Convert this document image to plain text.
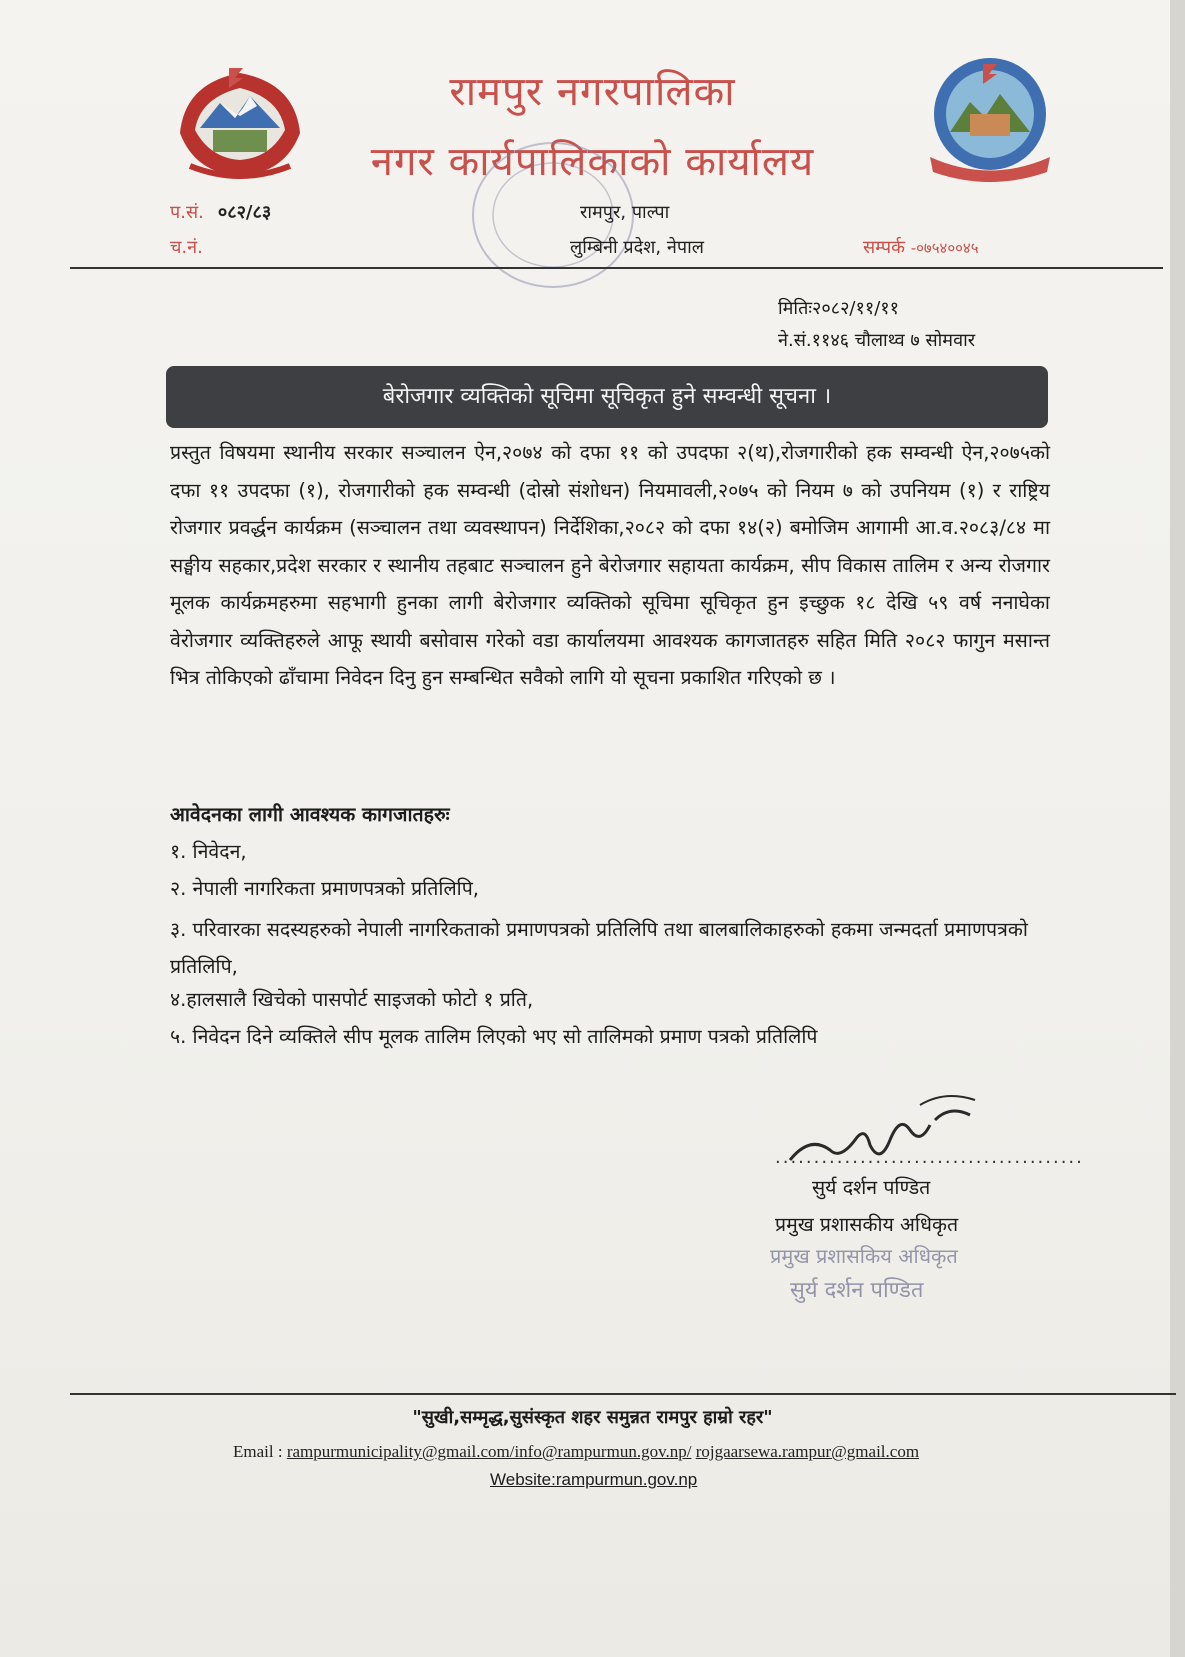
रामपुर नगरपालिका
नगर कार्यपालिकाको कार्यालय
रामपुर, पाल्पा
लुम्बिनी प्रदेश, नेपाल
प.सं. ०८२/८३
च.नं.	सम्पर्क -०७५४००४५
मितिः२०८२/११/११
ने.सं.११४६ चौलाथ्व ७ सोमवार
बेरोजगार व्यक्तिको सूचिमा सूचिकृत हुने सम्वन्धी सूचना ।
प्रस्तुत विषयमा स्थानीय सरकार सञ्चालन ऐन,२०७४ को दफा ११ को उपदफा २(थ),रोजगारीको हक सम्वन्धी ऐन,२०७५को दफा ११ उपदफा (१), रोजगारीको हक सम्वन्धी (दोस्रो संशोधन) नियमावली,२०७५ को नियम ७ को उपनियम (१) र राष्ट्रिय रोजगार प्रवर्द्धन कार्यक्रम (सञ्चालन तथा व्यवस्थापन) निर्देशिका,२०८२ को दफा १४(२) बमोजिम आगामी आ.व.२०८३/८४ मा सङ्घीय सहकार,प्रदेश सरकार र स्थानीय तहबाट सञ्चालन हुने बेरोजगार सहायता कार्यक्रम, सीप विकास तालिम र अन्य रोजगार मूलक कार्यक्रमहरुमा सहभागी हुनका लागी बेरोजगार व्यक्तिको सूचिमा सूचिकृत हुन इच्छुक १८ देखि ५९ वर्ष ननाघेका वेरोजगार व्यक्तिहरुले आफू स्थायी बसोवास गरेको वडा कार्यालयमा आवश्यक कागजातहरु सहित मिति २०८२ फागुन मसान्त भित्र तोकिएको ढाँचामा निवेदन दिनु हुन सम्बन्धित सवैको लागि यो सूचना प्रकाशित गरिएको छ ।
आवेदनका लागी आवश्यक कागजातहरुः
१. निवेदन,
२. नेपाली नागरिकता प्रमाणपत्रको प्रतिलिपि,
३. परिवारका सदस्यहरुको नेपाली नागरिकताको प्रमाणपत्रको प्रतिलिपि तथा बालबालिकाहरुको हकमा जन्मदर्ता प्रमाणपत्रको प्रतिलिपि,
४.हालसालै खिचेको पासपोर्ट साइजको फोटो १ प्रति,
५. निवेदन दिने व्यक्तिले सीप मूलक तालिम लिएको भए सो तालिमको प्रमाण पत्रको प्रतिलिपि
........................................
सुर्य दर्शन पण्डित
प्रमुख प्रशासकीय अधिकृत
प्रमुख प्रशासकिय अधिकृत
सुर्य दर्शन पण्डित
"सुखी,सम्मृद्ध,सुसंस्कृत शहर समुन्नत रामपुर हाम्रो रहर"
Email : rampurmunicipality@gmail.com/info@rampurmun.gov.np/ rojgaarsewa.rampur@gmail.com
Website:rampurmun.gov.np
